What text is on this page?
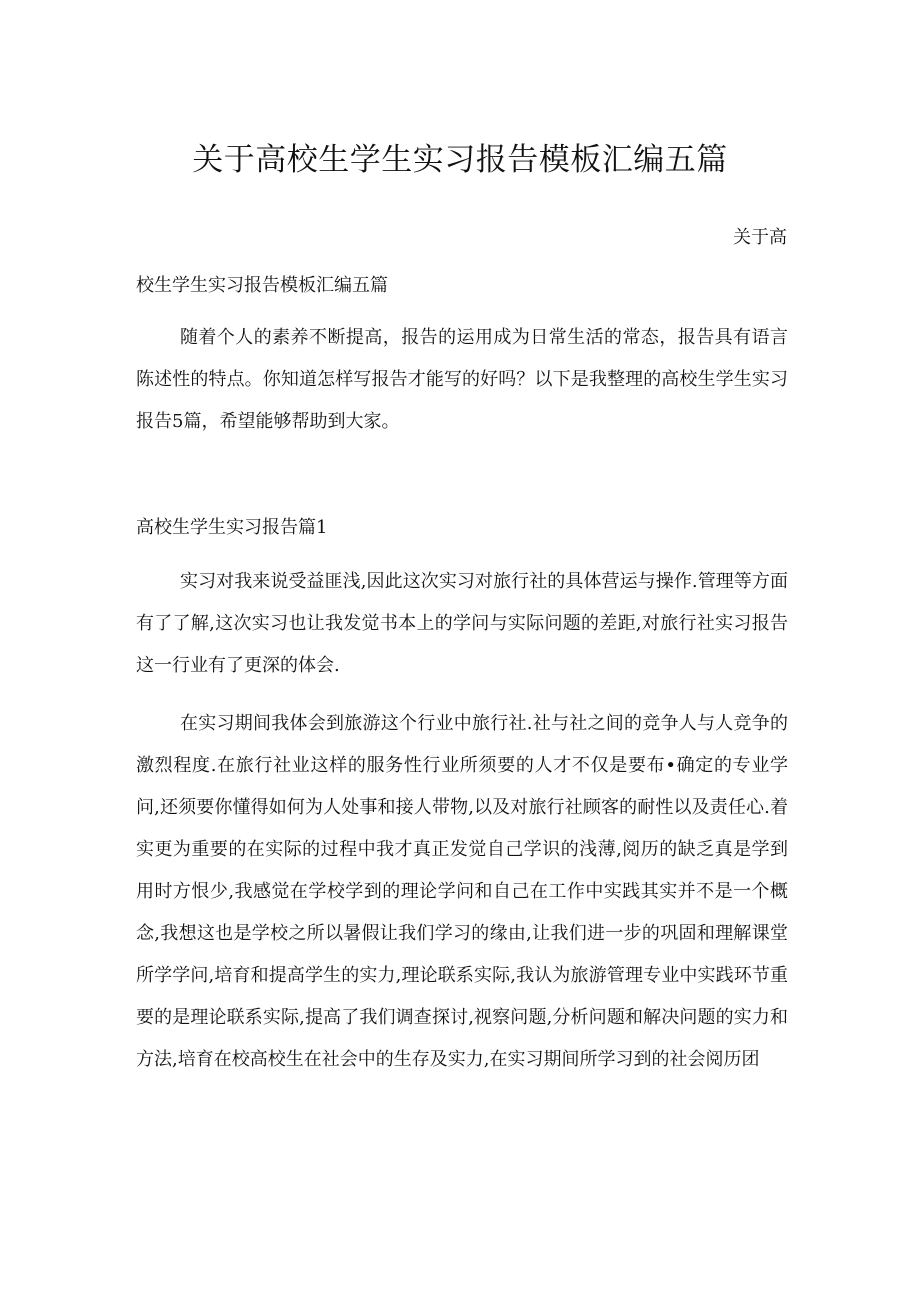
关于高校生学生实习报告模板汇编五篇
关于高
校生学生实习报告模板汇编五篇
随着个人的素养不断提高，报告的运用成为日常生活的常态，报告具有语言陈述性的特点。你知道怎样写报告才能写的好吗？以下是我整理的高校生学生实习报告5篇，希望能够帮助到大家。
高校生学生实习报告篇1
实习对我来说受益匪浅,因此这次实习对旅行社的具体营运与操作.管理等方面有了了解,这次实习也让我发觉书本上的学问与实际问题的差距,对旅行社实习报告这一行业有了更深的体会.
在实习期间我体会到旅游这个行业中旅行社.社与社之间的竞争人与人竞争的激烈程度.在旅行社业这样的服务性行业所须要的人才不仅是要布•确定的专业学问,还须要你懂得如何为人处事和接人带物,以及对旅行社顾客的耐性以及责任心.着实更为重要的在实际的过程中我才真正发觉自己学识的浅薄,阅历的缺乏真是学到用时方恨少,我感觉在学校学到的理论学问和自己在工作中实践其实并不是一个概念,我想这也是学校之所以暑假让我们学习的缘由,让我们进一步的巩固和理解课堂所学学问,培育和提高学生的实力,理论联系实际,我认为旅游管理专业中实践环节重要的是理论联系实际,提高了我们调查探讨,视察问题,分析问题和解决问题的实力和方法,培育在校高校生在社会中的生存及实力,在实习期间所学习到的社会阅历团
